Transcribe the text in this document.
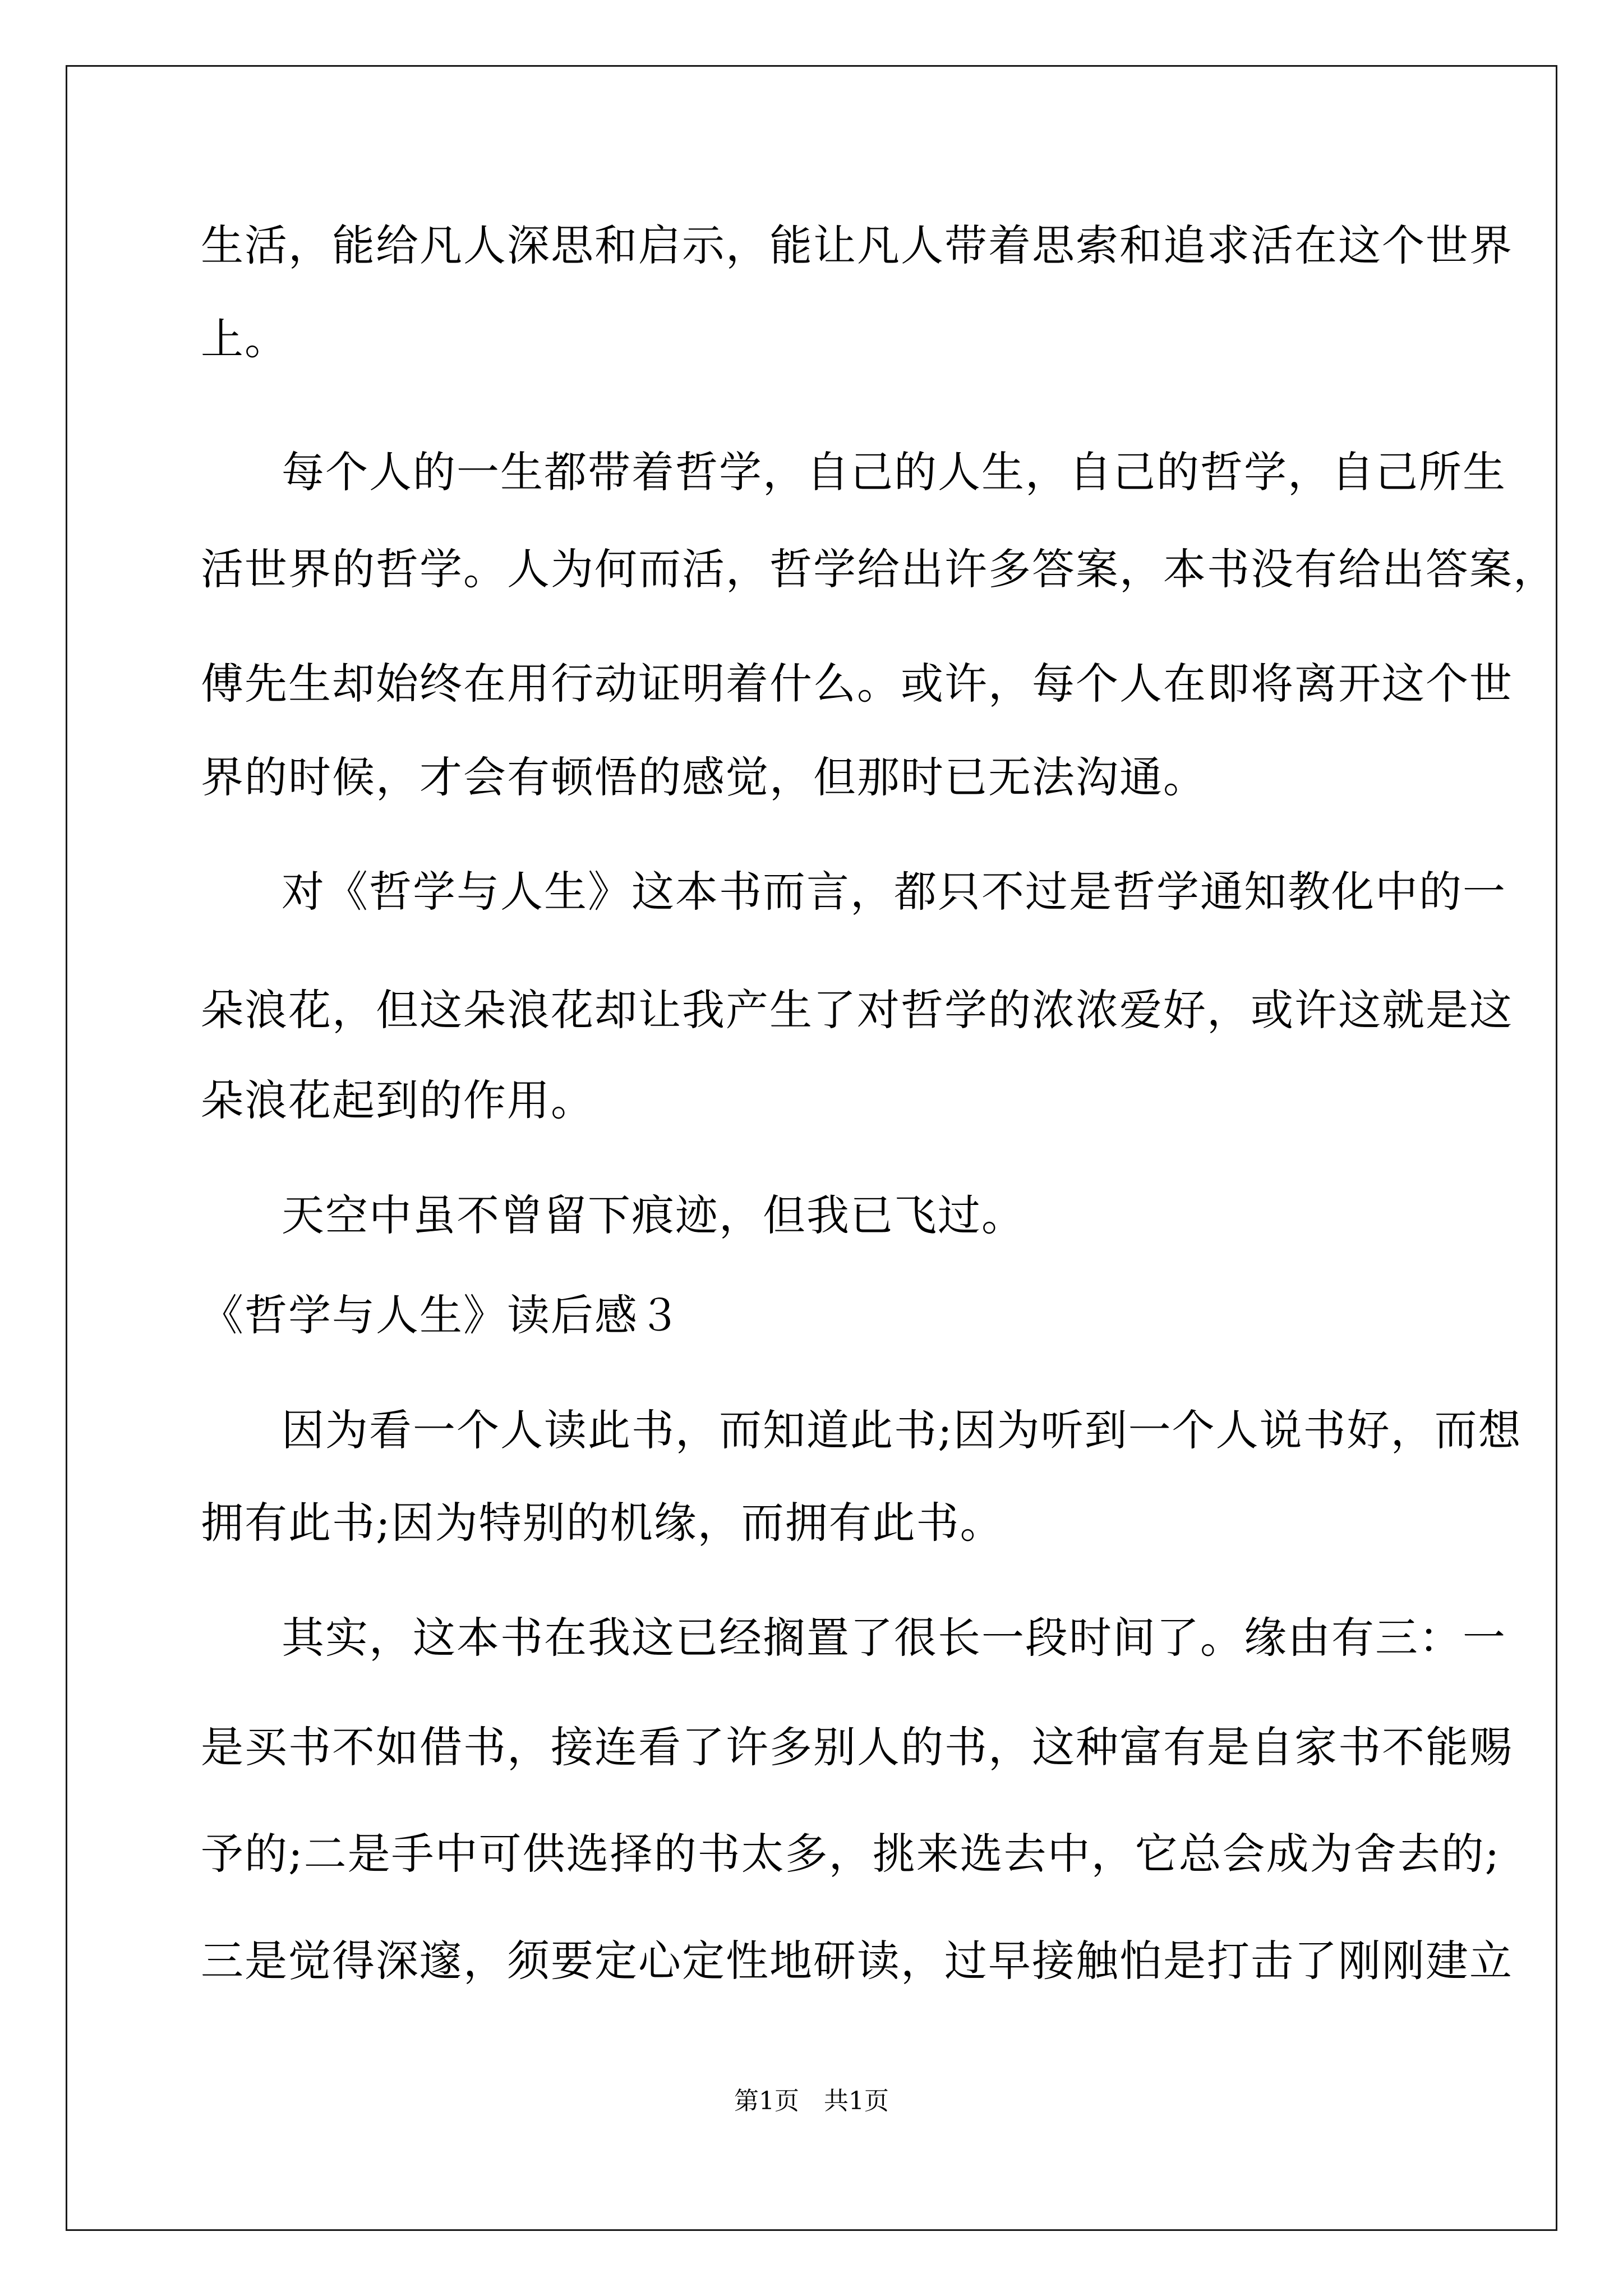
生活，能给凡人深思和启示，能让凡人带着思索和追求活在这个世界
上。
每个人的一生都带着哲学，自己的人生，自己的哲学，自己所生
活世界的哲学。人为何而活，哲学给出许多答案，本书没有给出答案，
傅先生却始终在用行动证明着什么。或许，每个人在即将离开这个世
界的时候，才会有顿悟的感觉，但那时已无法沟通。
对《哲学与人生》这本书而言，都只不过是哲学通知教化中的一
朵浪花，但这朵浪花却让我产生了对哲学的浓浓爱好，或许这就是这
朵浪花起到的作用。
天空中虽不曾留下痕迹，但我已飞过。
《哲学与人生》读后感３
因为看一个人读此书，而知道此书;因为听到一个人说书好，而想
拥有此书;因为特别的机缘，而拥有此书。
其实，这本书在我这已经搁置了很长一段时间了。缘由有三：一
是买书不如借书，接连看了许多别人的书，这种富有是自家书不能赐
予的;二是手中可供选择的书太多，挑来选去中，它总会成为舍去的;
三是觉得深邃，须要定心定性地研读，过早接触怕是打击了刚刚建立
第1页　共1页
